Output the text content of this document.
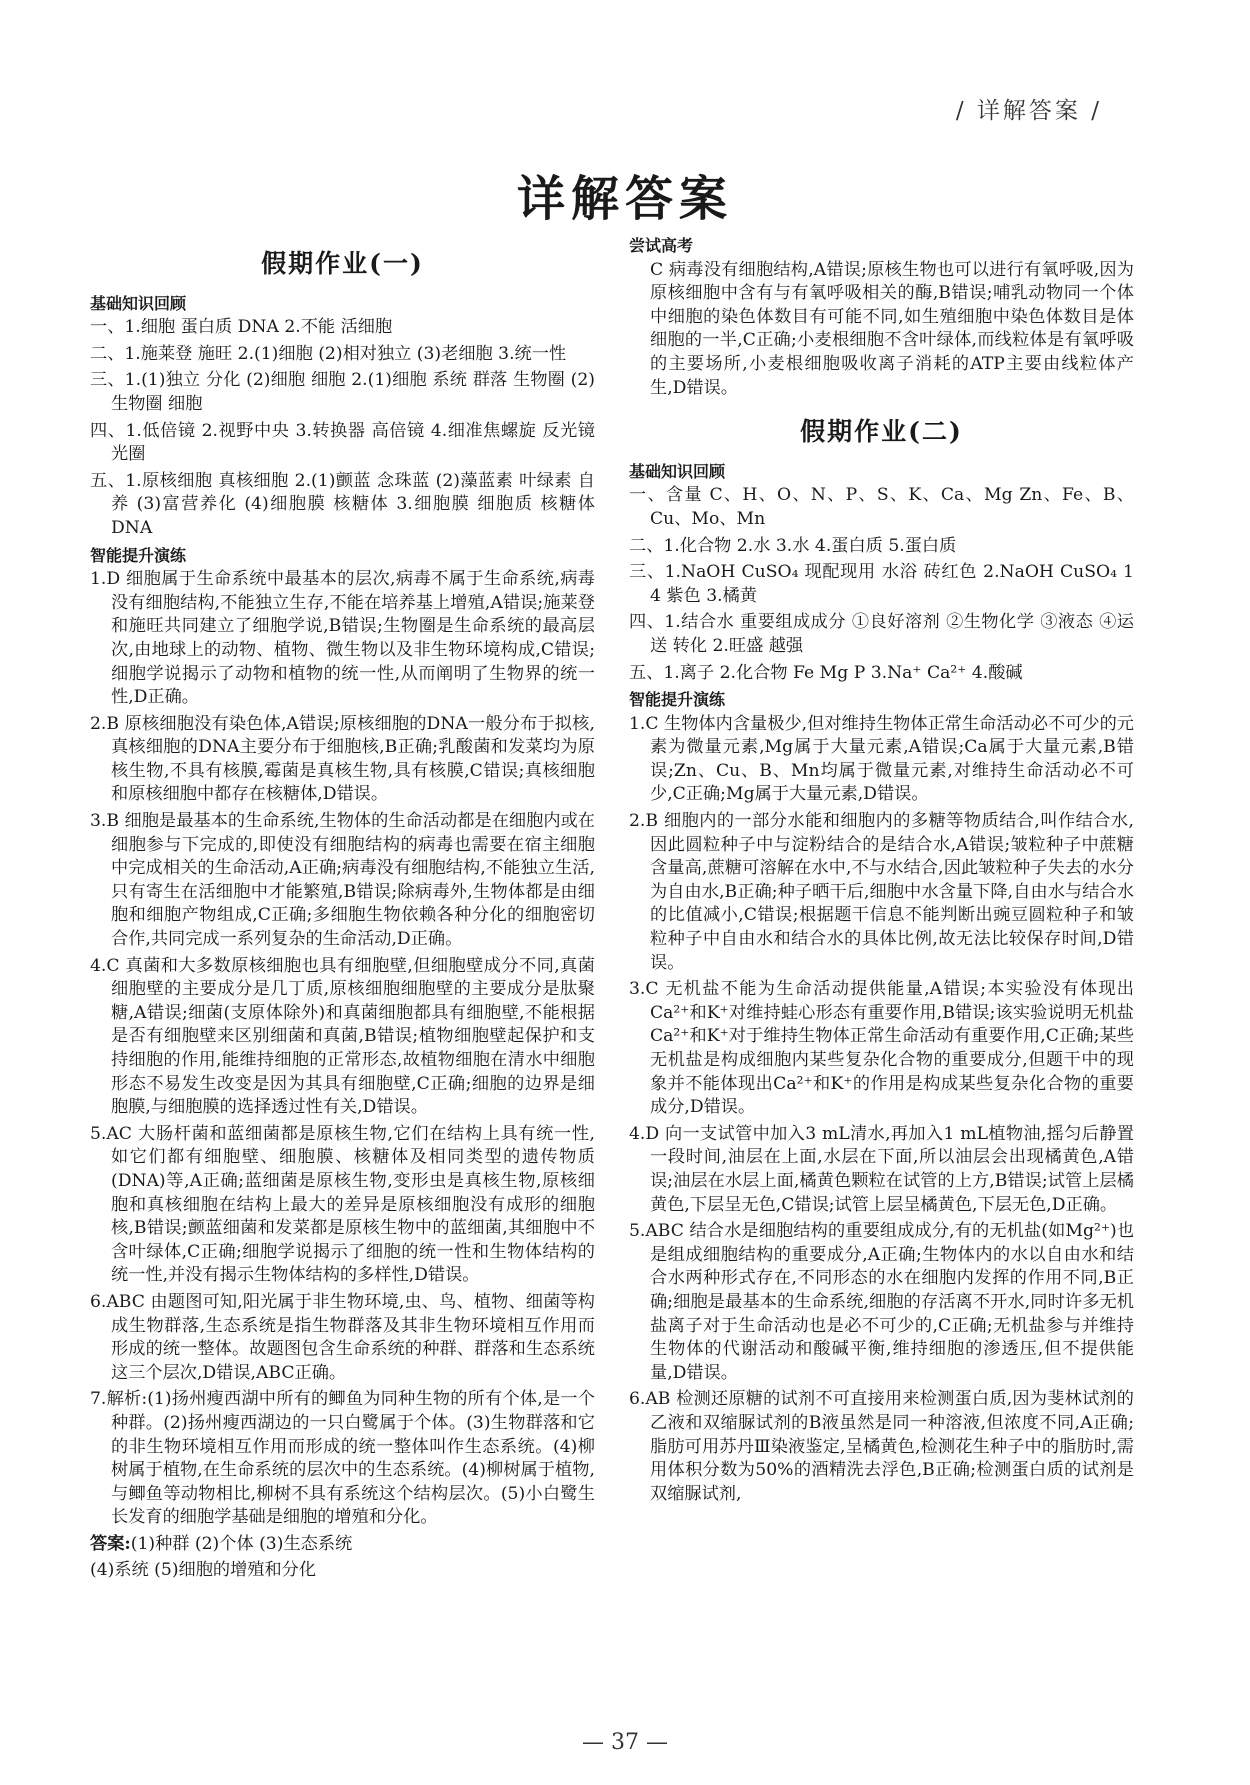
/ 详解答案 /
详解答案
假期作业(一)
基础知识回顾
一、1.细胞 蛋白质 DNA 2.不能 活细胞
二、1.施莱登 施旺 2.(1)细胞 (2)相对独立 (3)老细胞 3.统一性
三、1.(1)独立 分化 (2)细胞 细胞 2.(1)细胞 系统 群落 生物圈 (2)生物圈 细胞
四、1.低倍镜 2.视野中央 3.转换器 高倍镜 4.细准焦螺旋 反光镜 光圈
五、1.原核细胞 真核细胞 2.(1)颤蓝 念珠蓝 (2)藻蓝素 叶绿素 自养 (3)富营养化 (4)细胞膜 核糖体 3.细胞膜 细胞质 核糖体 DNA
智能提升演练
1.D 细胞属于生命系统中最基本的层次,病毒不属于生命系统,病毒没有细胞结构,不能独立生存,不能在培养基上增殖,A错误;施莱登和施旺共同建立了细胞学说,B错误;生物圈是生命系统的最高层次,由地球上的动物、植物、微生物以及非生物环境构成,C错误;细胞学说揭示了动物和植物的统一性,从而阐明了生物界的统一性,D正确。
2.B 原核细胞没有染色体,A错误;原核细胞的DNA一般分布于拟核,真核细胞的DNA主要分布于细胞核,B正确;乳酸菌和发菜均为原核生物,不具有核膜,霉菌是真核生物,具有核膜,C错误;真核细胞和原核细胞中都存在核糖体,D错误。
3.B 细胞是最基本的生命系统,生物体的生命活动都是在细胞内或在细胞参与下完成的,即使没有细胞结构的病毒也需要在宿主细胞中完成相关的生命活动,A正确;病毒没有细胞结构,不能独立生活,只有寄生在活细胞中才能繁殖,B错误;除病毒外,生物体都是由细胞和细胞产物组成,C正确;多细胞生物依赖各种分化的细胞密切合作,共同完成一系列复杂的生命活动,D正确。
4.C 真菌和大多数原核细胞也具有细胞壁,但细胞壁成分不同,真菌细胞壁的主要成分是几丁质,原核细胞细胞壁的主要成分是肽聚糖,A错误;细菌(支原体除外)和真菌细胞都具有细胞壁,不能根据是否有细胞壁来区别细菌和真菌,B错误;植物细胞壁起保护和支持细胞的作用,能维持细胞的正常形态,故植物细胞在清水中细胞形态不易发生改变是因为其具有细胞壁,C正确;细胞的边界是细胞膜,与细胞膜的选择透过性有关,D错误。
5.AC 大肠杆菌和蓝细菌都是原核生物,它们在结构上具有统一性,如它们都有细胞壁、细胞膜、核糖体及相同类型的遗传物质(DNA)等,A正确;蓝细菌是原核生物,变形虫是真核生物,原核细胞和真核细胞在结构上最大的差异是原核细胞没有成形的细胞核,B错误;颤蓝细菌和发菜都是原核生物中的蓝细菌,其细胞中不含叶绿体,C正确;细胞学说揭示了细胞的统一性和生物体结构的统一性,并没有揭示生物体结构的多样性,D错误。
6.ABC 由题图可知,阳光属于非生物环境,虫、鸟、植物、细菌等构成生物群落,生态系统是指生物群落及其非生物环境相互作用而形成的统一整体。故题图包含生命系统的种群、群落和生态系统这三个层次,D错误,ABC正确。
7.解析:(1)扬州瘦西湖中所有的鲫鱼为同种生物的所有个体,是一个种群。(2)扬州瘦西湖边的一只白鹭属于个体。(3)生物群落和它的非生物环境相互作用而形成的统一整体叫作生态系统。(4)柳树属于植物,在生命系统的层次中的生态系统。(4)柳树属于植物,与鲫鱼等动物相比,柳树不具有系统这个结构层次。(5)小白鹭生长发育的细胞学基础是细胞的增殖和分化。
答案:(1)种群 (2)个体 (3)生态系统
(4)系统 (5)细胞的增殖和分化
尝试高考
C 病毒没有细胞结构,A错误;原核生物也可以进行有氧呼吸,因为原核细胞中含有与有氧呼吸相关的酶,B错误;哺乳动物同一个体中细胞的染色体数目有可能不同,如生殖细胞中染色体数目是体细胞的一半,C正确;小麦根细胞不含叶绿体,而线粒体是有氧呼吸的主要场所,小麦根细胞吸收离子消耗的ATP主要由线粒体产生,D错误。
假期作业(二)
基础知识回顾
一、含量 C、H、O、N、P、S、K、Ca、Mg Zn、Fe、B、Cu、Mo、Mn
二、1.化合物 2.水 3.水 4.蛋白质 5.蛋白质
三、1.NaOH CuSO₄ 现配现用 水浴 砖红色 2.NaOH CuSO₄ 1 4 紫色 3.橘黄
四、1.结合水 重要组成成分 ①良好溶剂 ②生物化学 ③液态 ④运送 转化 2.旺盛 越强
五、1.离子 2.化合物 Fe Mg P 3.Na⁺ Ca²⁺ 4.酸碱
智能提升演练
1.C 生物体内含量极少,但对维持生物体正常生命活动必不可少的元素为微量元素,Mg属于大量元素,A错误;Ca属于大量元素,B错误;Zn、Cu、B、Mn均属于微量元素,对维持生命活动必不可少,C正确;Mg属于大量元素,D错误。
2.B 细胞内的一部分水能和细胞内的多糖等物质结合,叫作结合水,因此圆粒种子中与淀粉结合的是结合水,A错误;皱粒种子中蔗糖含量高,蔗糖可溶解在水中,不与水结合,因此皱粒种子失去的水分为自由水,B正确;种子晒干后,细胞中水含量下降,自由水与结合水的比值减小,C错误;根据题干信息不能判断出豌豆圆粒种子和皱粒种子中自由水和结合水的具体比例,故无法比较保存时间,D错误。
3.C 无机盐不能为生命活动提供能量,A错误;本实验没有体现出Ca²⁺和K⁺对维持蛙心形态有重要作用,B错误;该实验说明无机盐Ca²⁺和K⁺对于维持生物体正常生命活动有重要作用,C正确;某些无机盐是构成细胞内某些复杂化合物的重要成分,但题干中的现象并不能体现出Ca²⁺和K⁺的作用是构成某些复杂化合物的重要成分,D错误。
4.D 向一支试管中加入3 mL清水,再加入1 mL植物油,摇匀后静置一段时间,油层在上面,水层在下面,所以油层会出现橘黄色,A错误;油层在水层上面,橘黄色颗粒在试管的上方,B错误;试管上层橘黄色,下层呈无色,C错误;试管上层呈橘黄色,下层无色,D正确。
5.ABC 结合水是细胞结构的重要组成成分,有的无机盐(如Mg²⁺)也是组成细胞结构的重要成分,A正确;生物体内的水以自由水和结合水两种形式存在,不同形态的水在细胞内发挥的作用不同,B正确;细胞是最基本的生命系统,细胞的存活离不开水,同时许多无机盐离子对于生命活动也是必不可少的,C正确;无机盐参与并维持生物体的代谢活动和酸碱平衡,维持细胞的渗透压,但不提供能量,D错误。
6.AB 检测还原糖的试剂不可直接用来检测蛋白质,因为斐林试剂的乙液和双缩脲试剂的B液虽然是同一种溶液,但浓度不同,A正确;脂肪可用苏丹Ⅲ染液鉴定,呈橘黄色,检测花生种子中的脂肪时,需用体积分数为50%的酒精洗去浮色,B正确;检测蛋白质的试剂是双缩脲试剂,
— 37 —
